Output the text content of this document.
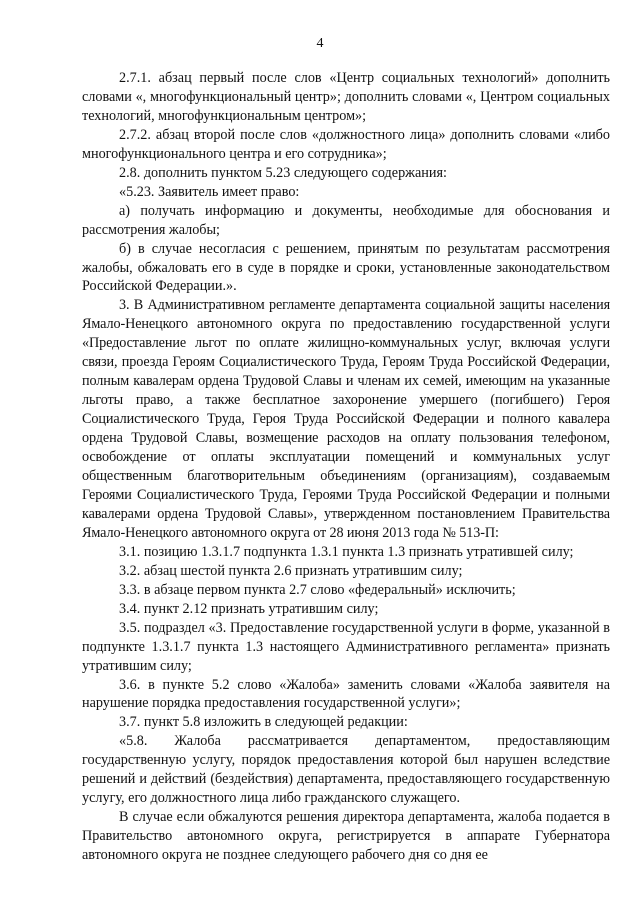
4

2.7.1. абзац первый после слов «Центр социальных технологий» дополнить словами «, многофункциональный центр»; дополнить словами «, Центром социальных технологий, многофункциональным центром»;

2.7.2. абзац второй после слов «должностного лица» дополнить словами «либо многофункционального центра и его сотрудника»;

2.8. дополнить пунктом 5.23 следующего содержания:

«5.23. Заявитель имеет право:

а) получать информацию и документы, необходимые для обоснования и рассмотрения жалобы;

б) в случае несогласия с решением, принятым по результатам рассмотрения жалобы, обжаловать его в суде в порядке и сроки, установленные законодательством Российской Федерации.».

3. В Административном регламенте департамента социальной защиты населения Ямало-Ненецкого автономного округа по предоставлению государственной услуги «Предоставление льгот по оплате жилищно-коммунальных услуг, включая услуги связи, проезда Героям Социалистического Труда, Героям Труда Российской Федерации, полным кавалерам ордена Трудовой Славы и членам их семей, имеющим на указанные льготы право, а также бесплатное захоронение умершего (погибшего) Героя Социалистического Труда, Героя Труда Российской Федерации и полного кавалера ордена Трудовой Славы, возмещение расходов на оплату пользования телефоном, освобождение от оплаты эксплуатации помещений и коммунальных услуг общественным благотворительным объединениям (организациям), создаваемым Героями Социалистического Труда, Героями Труда Российской Федерации и полными кавалерами ордена Трудовой Славы», утвержденном постановлением Правительства Ямало-Ненецкого автономного округа от 28 июня 2013 года № 513-П:

3.1. позицию 1.3.1.7 подпункта 1.3.1 пункта 1.3 признать утратившей силу;

3.2. абзац шестой пункта 2.6 признать утратившим силу;

3.3. в абзаце первом пункта 2.7 слово «федеральный» исключить;

3.4. пункт 2.12 признать утратившим силу;

3.5. подраздел «3. Предоставление государственной услуги в форме, указанной в подпункте 1.3.1.7 пункта 1.3 настоящего Административного регламента» признать утратившим силу;

3.6. в пункте 5.2 слово «Жалоба» заменить словами «Жалоба заявителя на нарушение порядка предоставления государственной услуги»;

3.7. пункт 5.8 изложить в следующей редакции:

«5.8. Жалоба рассматривается департаментом, предоставляющим государственную услугу, порядок предоставления которой был нарушен вследствие решений и действий (бездействия) департамента, предоставляющего государственную услугу, его должностного лица либо гражданского служащего.

В случае если обжалуются решения директора департамента, жалоба подается в Правительство автономного округа, регистрируется в аппарате Губернатора автономного округа не позднее следующего рабочего дня со дня ее
